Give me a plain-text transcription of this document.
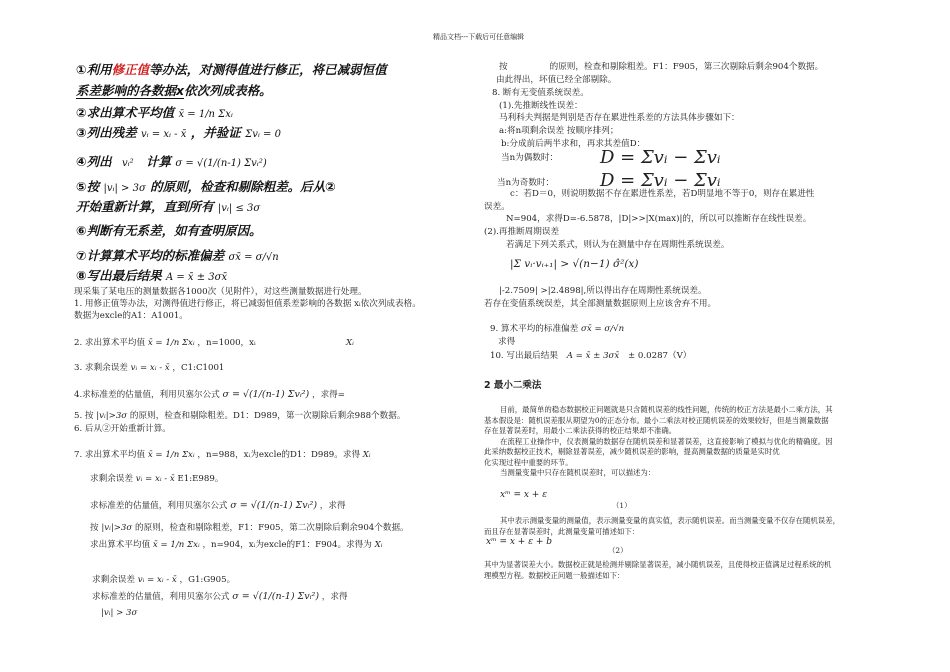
精品文档---下载后可任意编辑
①利用修正值等办法，对测得值进行修正，将已减弱恒值
系差影响的各数据x依次列成表格。
②求出算术平均值 x̄ = 1/n Σxᵢ
③列出残差 vᵢ = xᵢ - x̄ ，并验证 Σvᵢ = 0
④列出 vᵢ² 计算 σ = √(1/(n-1) Σvᵢ²)
⑤按 |vᵢ| > 3σ 的原则，检查和剔除粗差。后从②
开始重新计算，直到所有 |vᵢ| ≤ 3σ
⑥判断有无系差，如有查明原因。
⑦计算算术平均的标准偏差 σx̄ = σ/√n
⑧写出最后结果 A = x̄ ± 3σx̄
现采集了某电压的测量数据各1000次（见附件），对这些测量数据进行处理。
1. 用修正值等办法，对测得值进行修正，将已减弱恒值系差影响的各数据 xᵢ依次列成表格。
数据为excle的A1：A1001。
2. 求出算术平均值 x̄ = 1/n Σxᵢ ，n=1000，xᵢ	Xᵢ
3. 求剩余误差 vᵢ = xᵢ - x̄ ，C1:C1001
4.求标准差的估量值，利用贝塞尔公式 σ = √(1/(n-1) Σvᵢ²) ，求得=
5. 按 |vᵢ|>3σ 的原则，检查和剔除粗差。D1：D989，第一次剔除后剩余988个数据。
6. 后从②开始重新计算。
7. 求出算术平均值 x̄ = 1/n Σxᵢ ，n=988，xᵢ为excle的D1：D989。求得 Xᵢ
求剩余误差 vᵢ = xᵢ - x̄ E1:E989。
求标准差的估量值，利用贝塞尔公式 σ = √(1/(n-1) Σvᵢ²) ，求得
按 |vᵢ|>3σ 的原则，检查和剔除粗差，F1：F905，第二次剔除后剩余904个数据。
求出算术平均值 x̄ = 1/n Σxᵢ ，n=904，xᵢ为excle的F1：F904。求得为 Xᵢ
求剩余误差 vᵢ = xᵢ - x̄ ，G1:G905。
求标准差的估量值，利用贝塞尔公式 σ = √(1/(n-1) Σvᵢ²) ，求得
|vᵢ| > 3σ
按	的原则，检查和剔除粗差。F1：F905，第三次剔除后剩余904个数据。
由此得出，坏值已经全部剔除。
8. 断有无变值系统误差。
(1).先推断线性误差：
马利科夫判据是判别是否存在累进性系差的方法具体步骤如下：
a:将n项剩余误差 按顺序排列；
b:分成前后两半求和，再求其差值D：
当n为偶数时： D = Σvᵢ − Σvᵢ
当n为奇数时：	D = Σvᵢ − Σvᵢ
c：若D＝0，则说明数据不存在累进性系差，若D明显地不等于0，则存在累进性
误差。
N=904，求得D=-6.5878，|D|>>|X(max)|的，所以可以推断存在线性误差。
(2).再推断周期误差
若满足下列关系式，则认为在测量中存在周期性系统误差。
|Σ vᵢ·vᵢ₊₁| > √(n−1) σ̂²(x)
|-2.7509| >|2.4898|,所以得出存在周期性系统误差。
若存在变值系统误差，其全部测量数据原则上应该舍弃不用。
9. 算术平均的标准偏差 σx̄ = σ/√n
求得
10. 写出最后结果 A = x̄ ± 3σx̄ ± 0.0287（V）
2 最小二乘法
目前，最简单的稳态数据校正问题就是只含随机误差的线性问题，传统的校正方法是最小二乘方法，其
基本假设是：随机误差服从期望为0的正态分布。最小二乘法对校正随机误差的效果较好，但是当测量数据
存在显著误差时，用最小二乘法获得的校正结果却不准确。
在流程工业操作中，仪表测量的数据存在随机误差和显著误差，这直接影响了模拟与优化的精确度。因
此采纳数据校正技术，剔除显著误差，减少随机误差的影响，提高测量数据的质量是实时优
化实现过程中重要的环节。
当测量变量中只存在随机误差时，可以描述为：
xᵐ = x + ε
（1）
其中表示测量变量的测量值，表示测量变量的真实值，表示随机误差。而当测量变量不仅存在随机误差，
而且存在显著误差时，此测量变量可描述如下：
xᵐ = x + ε + b
（2）
其中为显著误差大小。数据校正就是检测并剔除显著误差，减小随机误差，且使得校正值满足过程系统的机
理模型方程。数据校正问题一般描述如下：
